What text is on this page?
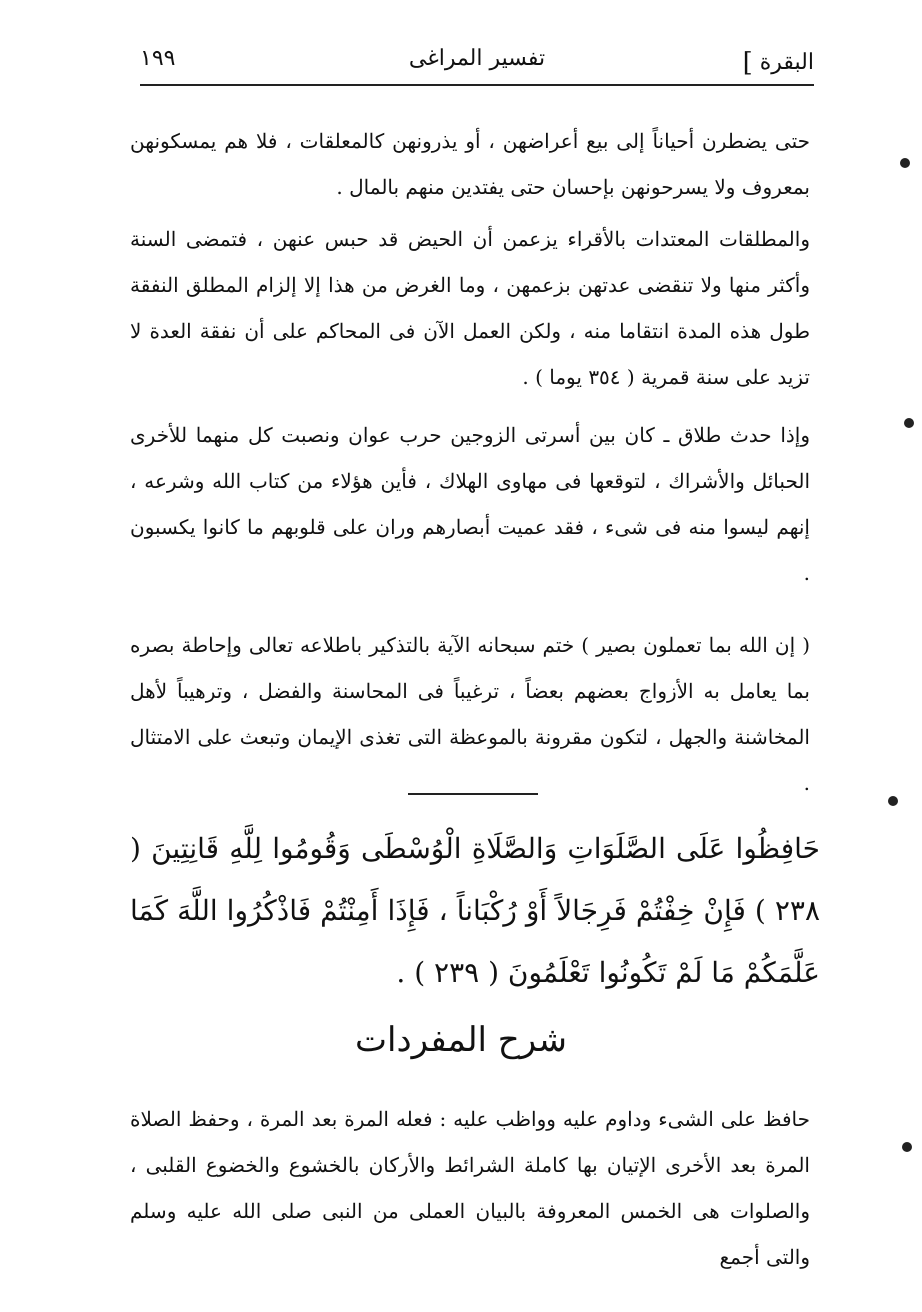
البقرة ]
تفسير المراغى
١٩٩

حتى يضطرن أحياناً إلى بيع أعراضهن ، أو يذرونهن كالمعلقات ، فلا هم يمسكونهن بمعروف ولا يسرحونهن بإحسان حتى يفتدين منهم بالمال .

والمطلقات المعتدات بالأقراء يزعمن أن الحيض قد حبس عنهن ، فتمضى السنة وأكثر منها ولا تنقضى عدتهن بزعمهن ، وما الغرض من هذا إلا إلزام المطلق النفقة طول هذه المدة انتقاما منه ، ولكن العمل الآن فى المحاكم على أن نفقة العدة لا تزيد على سنة قمرية ( ٣٥٤ يوما ) .

وإذا حدث طلاق ـ كان بين أسرتى الزوجين حرب عوان ونصبت كل منهما للأخرى الحبائل والأشراك ، لتوقعها فى مهاوى الهلاك ، فأين هؤلاء من كتاب الله وشرعه ، إنهم ليسوا منه فى شىء ، فقد عميت أبصارهم وران على قلوبهم ما كانوا يكسبون .

( إن الله بما تعملون بصير ) ختم سبحانه الآية بالتذكير باطلاعه تعالى وإحاطة بصره بما يعامل به الأزواج بعضهم بعضاً ، ترغيباً فى المحاسنة والفضل ، وترهيباً لأهل المخاشنة والجهل ، لتكون مقرونة بالموعظة التى تغذى الإيمان وتبعث على الامتثال .

حَافِظُوا عَلَى الصَّلَوَاتِ وَالصَّلَاةِ الْوُسْطَى وَقُومُوا لِلَّهِ قَانِتِينَ ( ٢٣٨ ) فَإِنْ خِفْتُمْ فَرِجَالاً أَوْ رُكْبَاناً ، فَإِذَا أَمِنْتُمْ فَاذْكُرُوا اللَّهَ كَمَا عَلَّمَكُمْ مَا لَمْ تَكُونُوا تَعْلَمُونَ ( ٢٣٩ ) .

شرح المفردات

حافظ على الشىء وداوم عليه وواظب عليه : فعله المرة بعد المرة ، وحفظ الصلاة المرة بعد الأخرى الإتيان بها كاملة الشرائط والأركان بالخشوع والخضوع القلبى ، والصلوات هى الخمس المعروفة بالبيان العملى من النبى صلى الله عليه وسلم والتى أجمع
